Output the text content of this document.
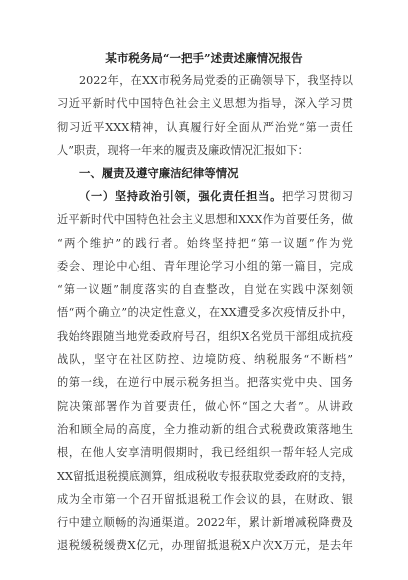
某市税务局“一把手”述责述廉情况报告
2022年，在XX市税务局党委的正确领导下，我坚持以
习近平新时代中国特色社会主义思想为指导，深入学习贯
彻习近平XXX精神，认真履行好全面从严治党“第一责任
人”职责，现将一年来的履责及廉政情况汇报如下：
一、履责及遵守廉洁纪律等情况
（一）坚持政治引领，强化责任担当。把学习贯彻习
近平新时代中国特色社会主义思想和XXX作为首要任务，做
“两个维护”的践行者。始终坚持把“第一议题”作为党
委会、理论中心组、青年理论学习小组的第一篇目，完成
“第一议题”制度落实的自查整改，自觉在实践中深刻领
悟“两个确立”的决定性意义，在XX遭受多次疫情反扑中，
我始终跟随当地党委政府号召，组织X名党员干部组成抗疫
战队，坚守在社区防控、边境防疫、纳税服务“不断档”
的第一线，在逆行中展示税务担当。把落实党中央、国务
院决策部署作为首要责任，做心怀“国之大者”。从讲政
治和顾全局的高度，全力推动新的组合式税费政策落地生
根，在他人安享清明假期时，我已经组织一帮年轻人完成
XX留抵退税摸底测算，组成税收专报获取党委政府的支持，
成为全市第一个召开留抵退税工作会议的县，在财政、银
行中建立顺畅的沟通渠道。2022年，累计新增减税降费及
退税缓税缓费X亿元，办理留抵退税X户次X万元，是去年
